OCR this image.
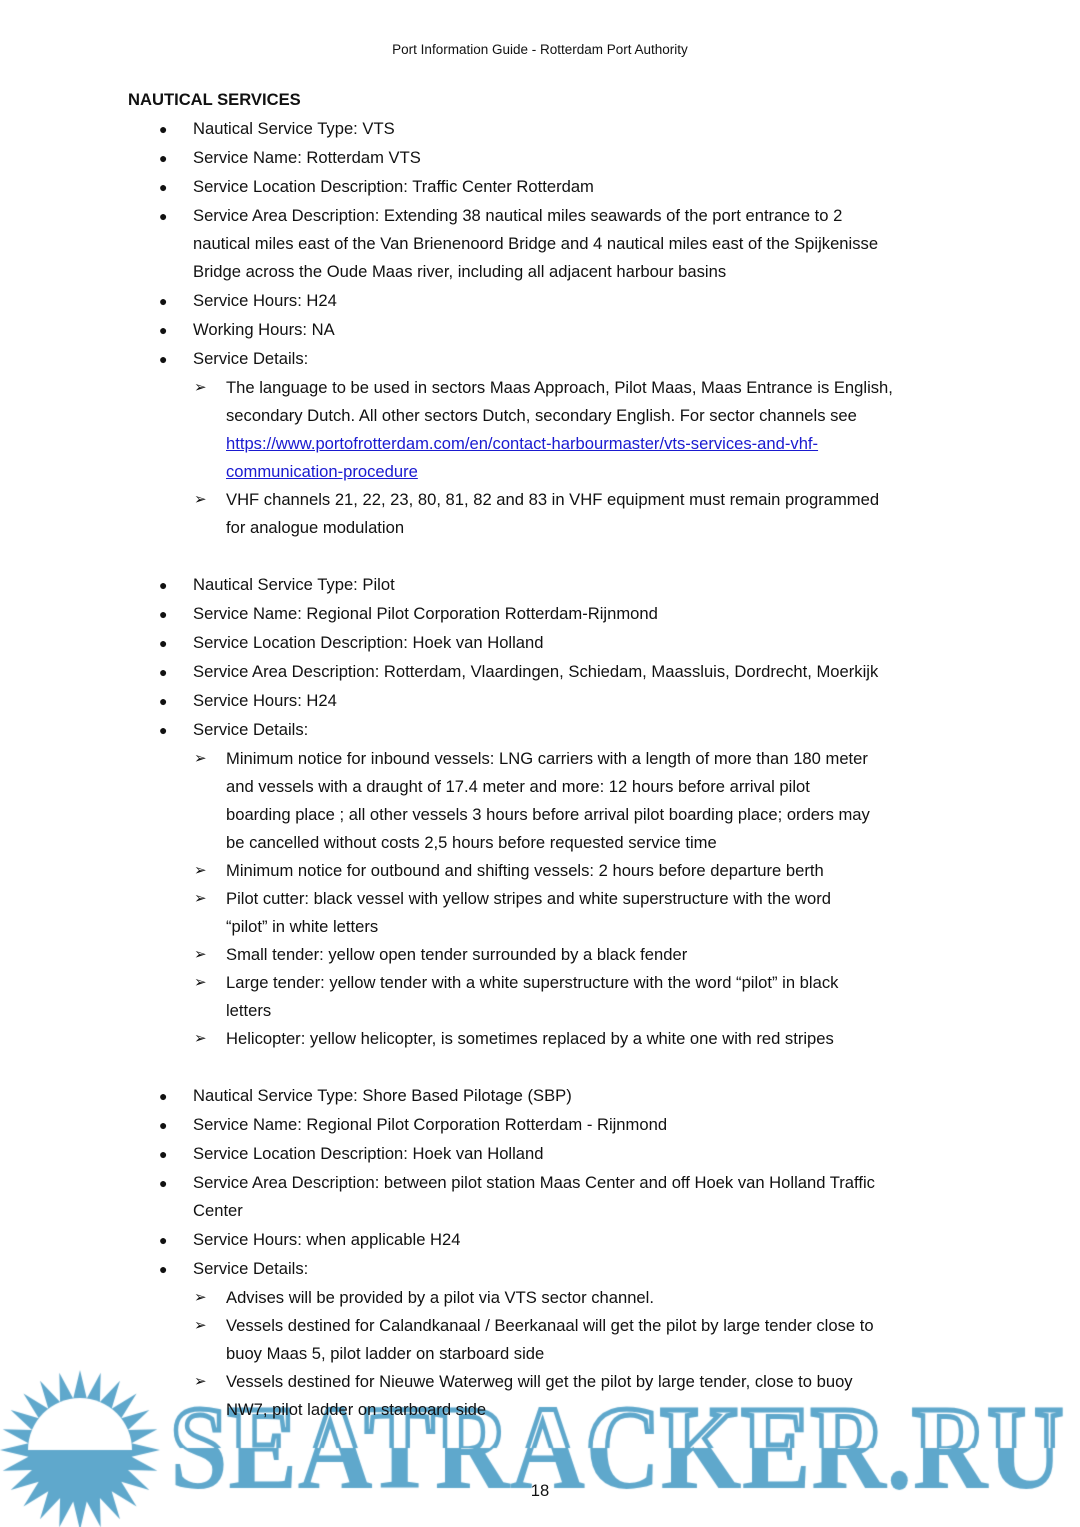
Port Information Guide - Rotterdam Port Authority
NAUTICAL SERVICES
● Nautical Service Type: VTS
● Service Name: Rotterdam VTS
● Service Location Description: Traffic Center Rotterdam
● Service Area Description: Extending 38 nautical miles seawards of the port entrance to 2
nautical miles east of the Van Brienenoord Bridge and 4 nautical miles east of the Spijkenisse
Bridge across the Oude Maas river, including all adjacent harbour basins
● Service Hours: H24
● Working Hours: NA
● Service Details:
➢ The language to be used in sectors Maas Approach, Pilot Maas, Maas Entrance is English,
secondary Dutch. All other sectors Dutch, secondary English. For sector channels see
https://www.portofrotterdam.com/en/contact-harbourmaster/vts-services-and-vhf-
communication-procedure
➢ VHF channels 21, 22, 23, 80, 81, 82 and 83 in VHF equipment must remain programmed
for analogue modulation
● Nautical Service Type: Pilot
● Service Name: Regional Pilot Corporation Rotterdam-Rijnmond
● Service Location Description: Hoek van Holland
● Service Area Description: Rotterdam, Vlaardingen, Schiedam, Maassluis, Dordrecht, Moerkijk
● Service Hours: H24
● Service Details:
➢ Minimum notice for inbound vessels: LNG carriers with a length of more than 180 meter
and vessels with a draught of 17.4 meter and more: 12 hours before arrival pilot
boarding place ; all other vessels 3 hours before arrival pilot boarding place; orders may
be cancelled without costs 2,5 hours before requested service time
➢ Minimum notice for outbound and shifting vessels: 2 hours before departure berth
➢ Pilot cutter: black vessel with yellow stripes and white superstructure with the word
“pilot” in white letters
➢ Small tender: yellow open tender surrounded by a black fender
➢ Large tender: yellow tender with a white superstructure with the word “pilot” in black
letters
➢ Helicopter: yellow helicopter, is sometimes replaced by a white one with red stripes
● Nautical Service Type: Shore Based Pilotage (SBP)
● Service Name: Regional Pilot Corporation Rotterdam - Rijnmond
● Service Location Description: Hoek van Holland
● Service Area Description: between pilot station Maas Center and off Hoek van Holland Traffic
Center
● Service Hours: when applicable H24
● Service Details:
➢ Advises will be provided by a pilot via VTS sector channel.
➢ Vessels destined for Calandkanaal / Beerkanaal will get the pilot by large tender close to
buoy Maas 5, pilot ladder on starboard side
➢ Vessels destined for Nieuwe Waterweg will get the pilot by large tender, close to buoy
NW7, pilot ladder on starboard side
18
